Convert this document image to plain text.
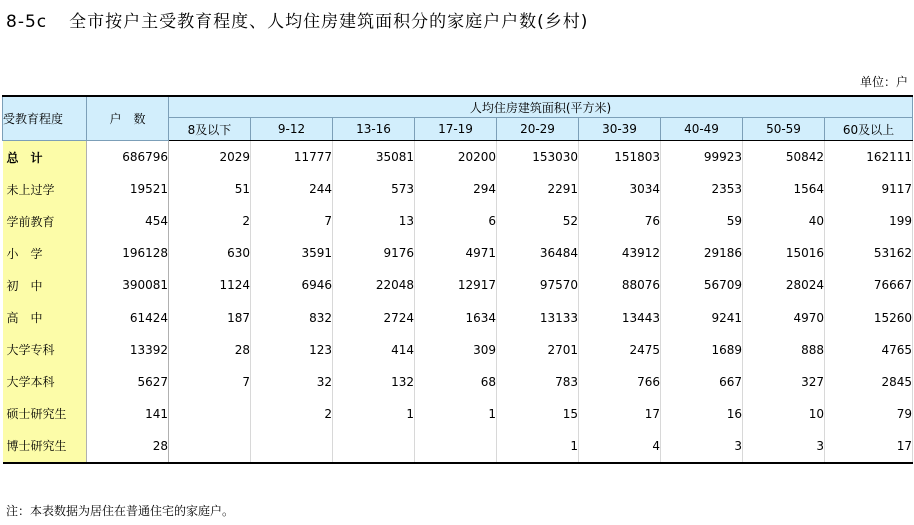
8-5c 全市按户主受教育程度、人均住房建筑面积分的家庭户户数(乡村)
单位：户
受教育程度	户　数	人均住房建筑面积(平方米)								
		8及以下	9-12	13-16	17-19	20-29	30-39	40-49	50-59	60及以上
总　计	686796	2029	11777	35081	20200	153030	151803	99923	50842	162111
未上过学	19521	51	244	573	294	2291	3034	2353	1564	9117
学前教育	454	2	7	13	6	52	76	59	40	199
小　学	196128	630	3591	9176	4971	36484	43912	29186	15016	53162
初　中	390081	1124	6946	22048	12917	97570	88076	56709	28024	76667
高　中	61424	187	832	2724	1634	13133	13443	9241	4970	15260
大学专科	13392	28	123	414	309	2701	2475	1689	888	4765
大学本科	5627	7	32	132	68	783	766	667	327	2845
硕士研究生	141		2	1	1	15	17	16	10	79
博士研究生	28					1	4	3	3	17
注：本表数据为居住在普通住宅的家庭户。
